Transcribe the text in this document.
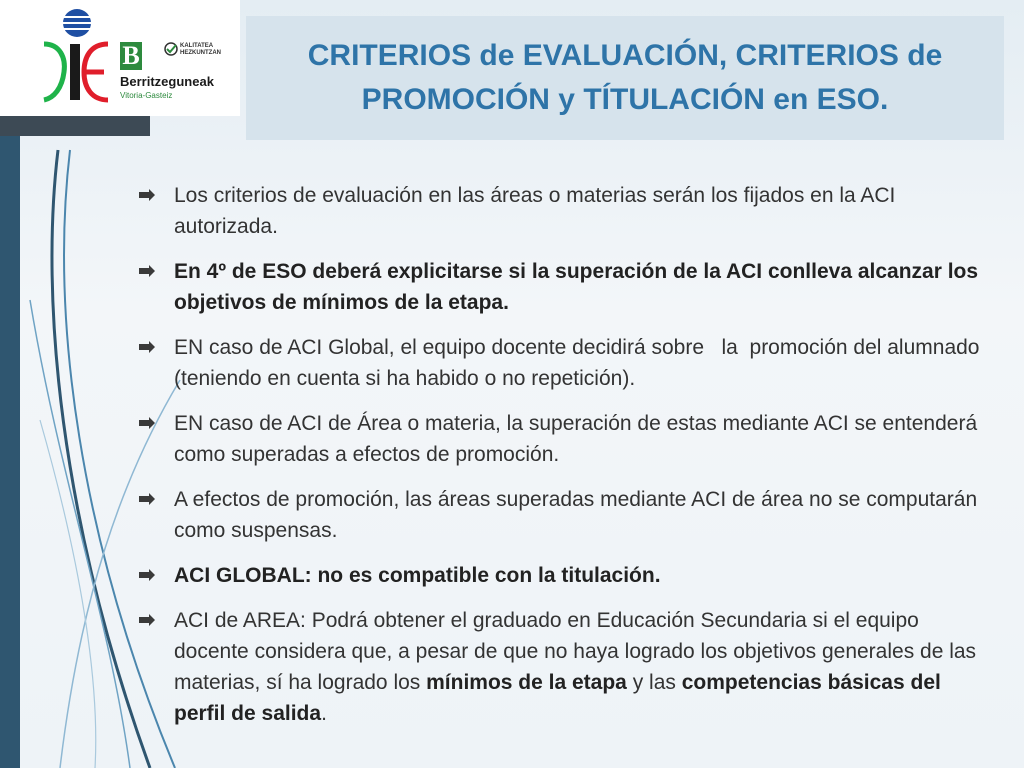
B	KALITATEA
HEZKUNTZAN
Berritzeguneak
Vitoria-Gasteiz
CRITERIOS de EVALUACIÓN, CRITERIOS de
PROMOCIÓN y TÍTULACIÓN en ESO.
Los criterios de evaluación en las áreas o materias serán los fijados en la ACI autorizada.
En 4º de ESO deberá explicitarse si la superación de la ACI conlleva alcanzar los objetivos de mínimos de la etapa.
EN caso de ACI Global, el equipo docente decidirá sobre   la  promoción del alumnado (teniendo en cuenta si ha habido o no repetición).
EN caso de ACI de Área o materia, la superación de estas mediante ACI se entenderá como superadas a efectos de promoción.
A efectos de promoción, las áreas superadas mediante ACI de área no se computarán como suspensas.
ACI GLOBAL: no es compatible con la titulación.
ACI de AREA: Podrá obtener el graduado en Educación Secundaria si el equipo docente considera que, a pesar de que no haya logrado los objetivos generales de las materias, sí ha logrado los mínimos de la etapa y las competencias básicas del perfil de salida.
